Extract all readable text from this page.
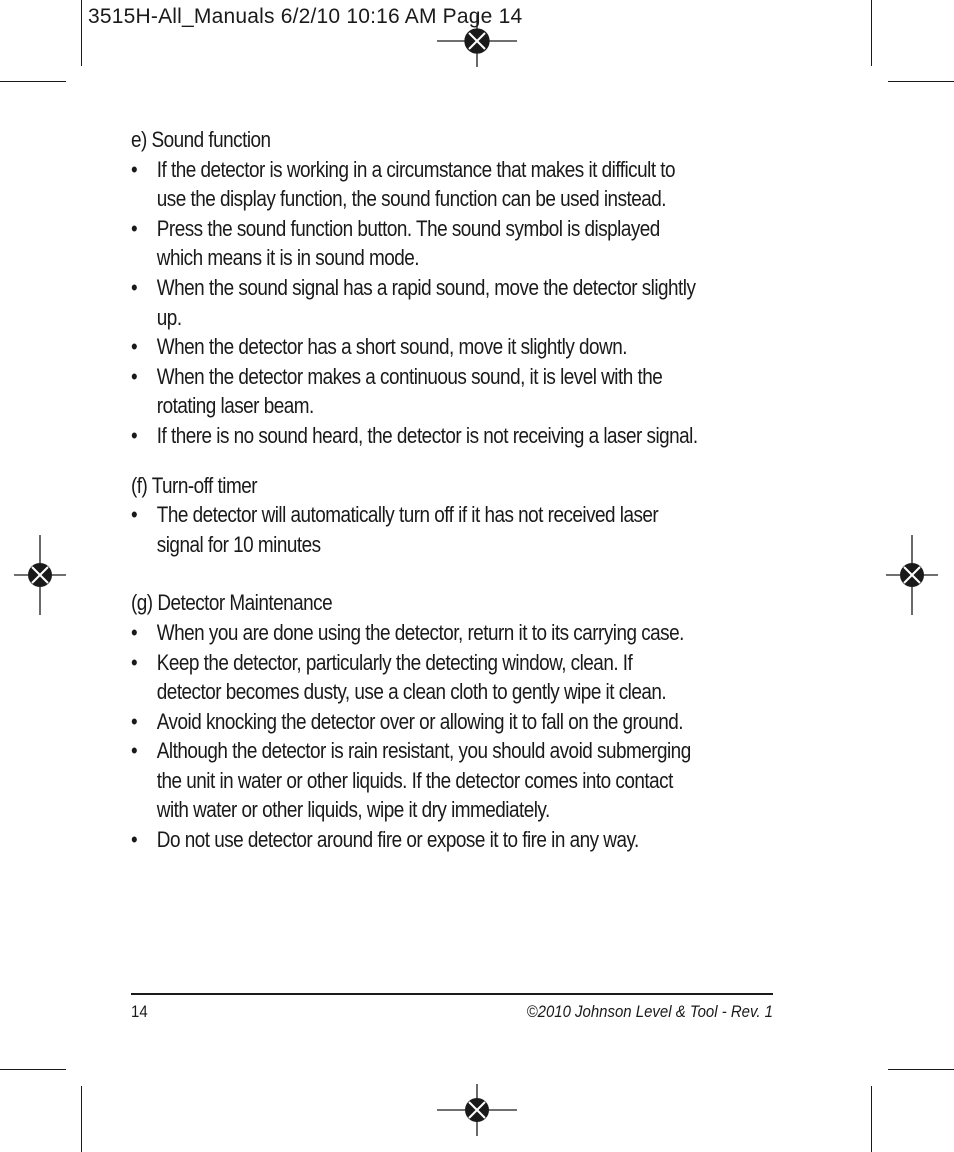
3515H-All_Manuals 6/2/10 10:16 AM Page 14

e) Sound function

• If the detector is working in a circumstance that makes it difficult to use the display function, the sound function can be used instead.
• Press the sound function button. The sound symbol is displayed which means it is in sound mode.
• When the sound signal has a rapid sound, move the detector slightly up.
• When the detector has a short sound, move it slightly down.
• When the detector makes a continuous sound, it is level with the rotating laser beam.
• If there is no sound heard, the detector is not receiving a laser signal.

(f) Turn-off timer

• The detector will automatically turn off if it has not received laser signal for 10 minutes

(g) Detector Maintenance

• When you are done using the detector, return it to its carrying case.
• Keep the detector, particularly the detecting window, clean. If detector becomes dusty, use a clean cloth to gently wipe it clean.
• Avoid knocking the detector over or allowing it to fall on the ground.
• Although the detector is rain resistant, you should avoid submerging the unit in water or other liquids. If the detector comes into contact with water or other liquids, wipe it dry immediately.
• Do not use detector around fire or expose it to fire in any way.
14	©2010 Johnson Level & Tool - Rev. 1
